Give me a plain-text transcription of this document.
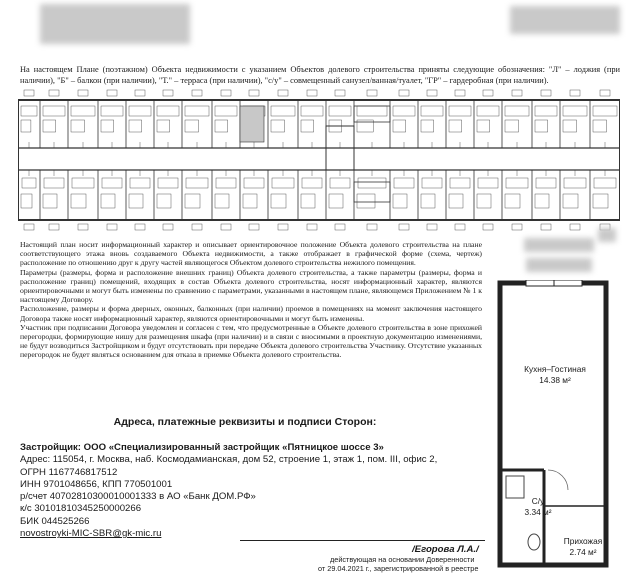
На настоящем Плане (поэтажном) Объекта недвижимости с указанием Объектов долевого строительства приняты следующие обозначения: "Л" – лоджия (при наличии), "Б" – балкон (при наличии), "Т." – терраса (при наличии), "с/у" – совмещенный санузел/ванная/туалет, "ГР" – гардеробная (при наличии).

Настоящий план носит информационный характер и описывает ориентировочное положение Объекта долевого строительства на плане соответствующего этажа вновь создаваемого Объекта недвижимости, а также отображает в графической форме (схема, чертеж) расположение по отношению друг к другу частей являющегося Объектом долевого строительства нежилого помещения.

Параметры (размеры, форма и расположение внешних границ) Объекта долевого строительства, а также параметры (размеры, форма и расположение границ) помещений, входящих в состав Объекта долевого строительства, носят информационный характер, являются ориентировочными и могут быть изменены по сравнению с параметрами, указанными в настоящем плане, являющемся Приложением № 1 к настоящему Договору.

Расположение, размеры и форма дверных, оконных, балконных (при наличии) проемов в помещениях на момент заключения настоящего Договора также носят информационный характер, являются ориентировочными и могут быть изменены.

Участник при подписании Договора уведомлен и согласен с тем, что предусмотренные в Объекте долевого строительства в зоне прихожей перегородки, формирующие нишу для размещения шкафа (при наличии) и в связи с вносимыми в проектную документацию изменениями, не будут возводиться Застройщиком и будут отсутствовать при передаче Объекта долевого строительства Участнику. Отсутствие указанных перегородок не будет являться основанием для отказа в приемке Объекта долевого строительства.

Адреса, платежные реквизиты и подписи Сторон:
Застройщик: ООО «Специализированный застройщик «Пятницкое шоссе 3»
Адрес: 115054, г. Москва, наб. Космодамианская, дом 52, строение 1, этаж 1, пом. III, офис 2,
ОГРН 1167746817512
ИНН 9701048656, КПП 770501001
р/счет 40702810300010001333 в АО «Банк ДОМ.РФ»
к/с 30101810345250000266
БИК 044525266
novostroyki-MIC-SBR@gk-mic.ru
/Егорова Л.А./
действующая на основании Доверенности
от 29.04.2021 г., зарегистрированной в реестре
Кухня–Гостиная
14.38 м²
С/у
3.34 м²
Прихожая
2.74 м²
